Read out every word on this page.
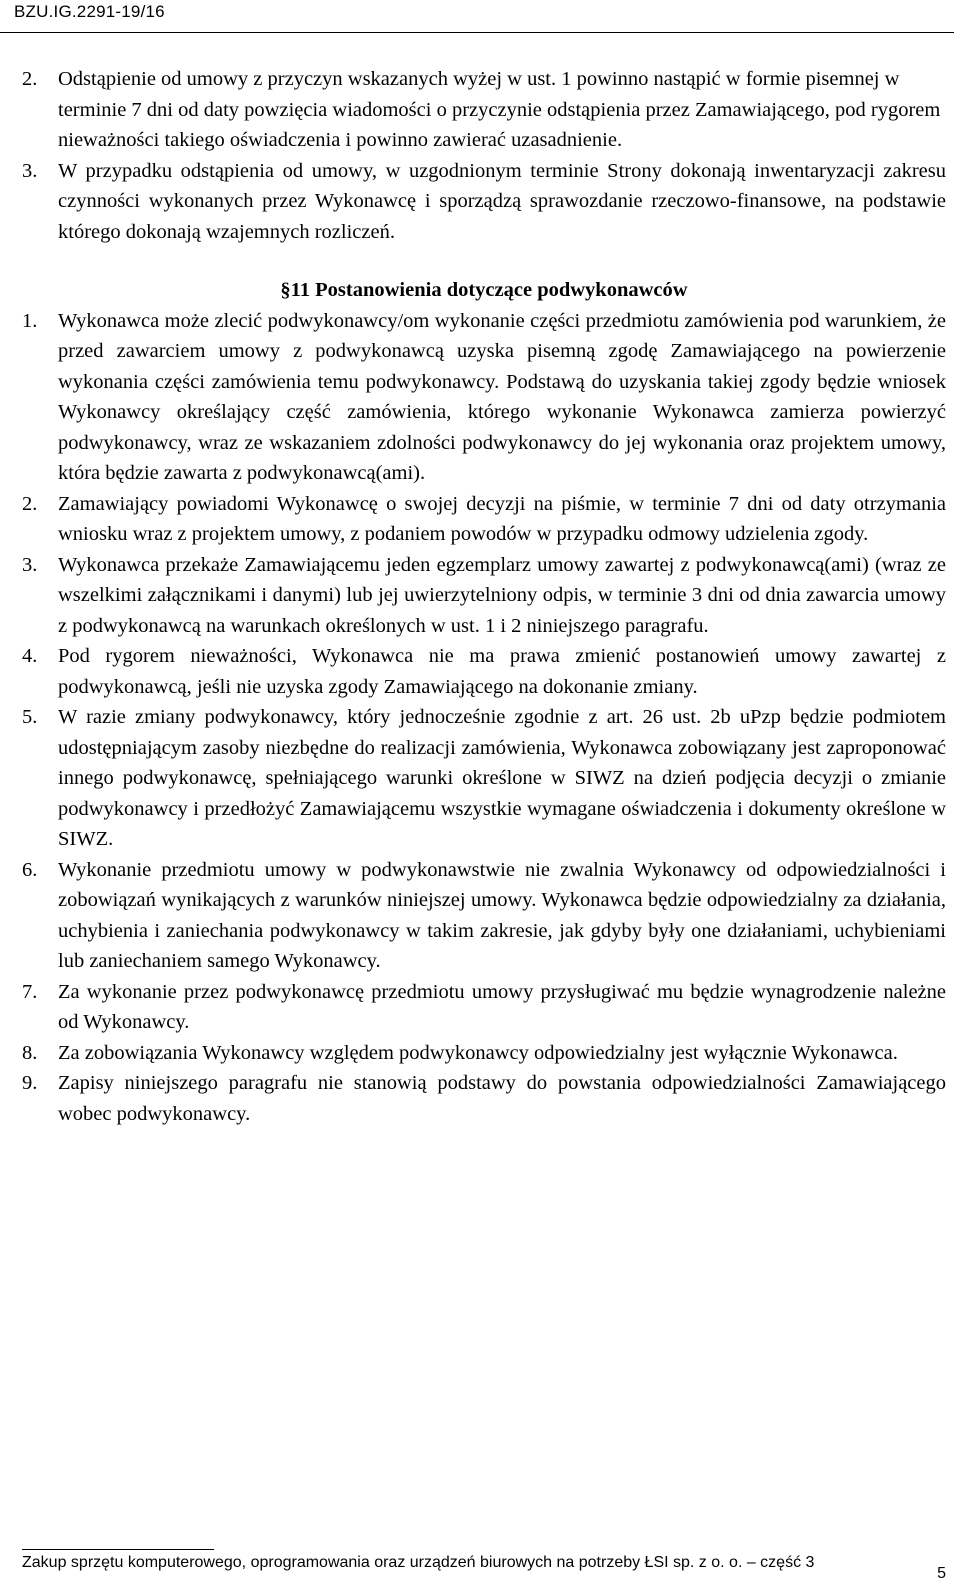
BZU.IG.2291-19/16
2.	Odstąpienie od umowy z przyczyn wskazanych wyżej w ust. 1 powinno nastąpić w formie pisemnej w terminie 7 dni od daty powzięcia wiadomości o przyczynie odstąpienia przez Zamawiającego, pod rygorem nieważności takiego oświadczenia i powinno zawierać uzasadnienie.
3.	W przypadku odstąpienia od umowy, w uzgodnionym terminie Strony dokonają inwentaryzacji zakresu czynności wykonanych przez Wykonawcę i sporządzą sprawozdanie rzeczowo-finansowe, na podstawie którego dokonają wzajemnych rozliczeń.
§11 Postanowienia dotyczące podwykonawców
1.	Wykonawca może zlecić podwykonawcy/om wykonanie części przedmiotu zamówienia pod warunkiem, że przed zawarciem umowy z podwykonawcą uzyska pisemną zgodę Zamawiającego na powierzenie wykonania części zamówienia temu podwykonawcy. Podstawą do uzyskania takiej zgody będzie wniosek Wykonawcy określający część zamówienia, którego wykonanie Wykonawca zamierza powierzyć podwykonawcy, wraz ze wskazaniem zdolności podwykonawcy do jej wykonania oraz projektem umowy, która będzie zawarta z podwykonawcą(ami).
2.	Zamawiający powiadomi Wykonawcę o swojej decyzji na piśmie, w terminie 7 dni od daty otrzymania wniosku wraz z projektem umowy, z podaniem powodów w przypadku odmowy udzielenia zgody.
3.	Wykonawca przekaże Zamawiającemu jeden egzemplarz umowy zawartej z podwykonawcą(ami) (wraz ze wszelkimi załącznikami i danymi) lub jej uwierzytelniony odpis, w terminie 3 dni od dnia zawarcia umowy z podwykonawcą na warunkach określonych w ust. 1 i 2 niniejszego paragrafu.
4.	Pod rygorem nieważności, Wykonawca nie ma prawa zmienić postanowień umowy zawartej z podwykonawcą, jeśli nie uzyska zgody Zamawiającego na dokonanie zmiany.
5.	W razie zmiany podwykonawcy, który jednocześnie zgodnie z art. 26 ust. 2b uPzp będzie podmiotem udostępniającym zasoby niezbędne do realizacji zamówienia, Wykonawca zobowiązany jest zaproponować innego podwykonawcę, spełniającego warunki określone w SIWZ na dzień podjęcia decyzji o zmianie podwykonawcy i przedłożyć Zamawiającemu wszystkie wymagane oświadczenia i dokumenty określone w SIWZ.
6.	Wykonanie przedmiotu umowy w podwykonawstwie nie zwalnia Wykonawcy od odpowiedzialności i zobowiązań wynikających z warunków niniejszej umowy. Wykonawca będzie odpowiedzialny za działania, uchybienia i zaniechania podwykonawcy w takim zakresie, jak gdyby były one działaniami, uchybieniami lub zaniechaniem samego Wykonawcy.
7.	Za wykonanie przez podwykonawcę przedmiotu umowy przysługiwać mu będzie wynagrodzenie należne od Wykonawcy.
8.	Za zobowiązania Wykonawcy względem podwykonawcy odpowiedzialny jest wyłącznie Wykonawca.
9.	Zapisy niniejszego paragrafu nie stanowią podstawy do powstania odpowiedzialności Zamawiającego wobec podwykonawcy.
Zakup sprzętu komputerowego, oprogramowania oraz urządzeń biurowych na potrzeby ŁSI sp. z o. o. – część 3
5
